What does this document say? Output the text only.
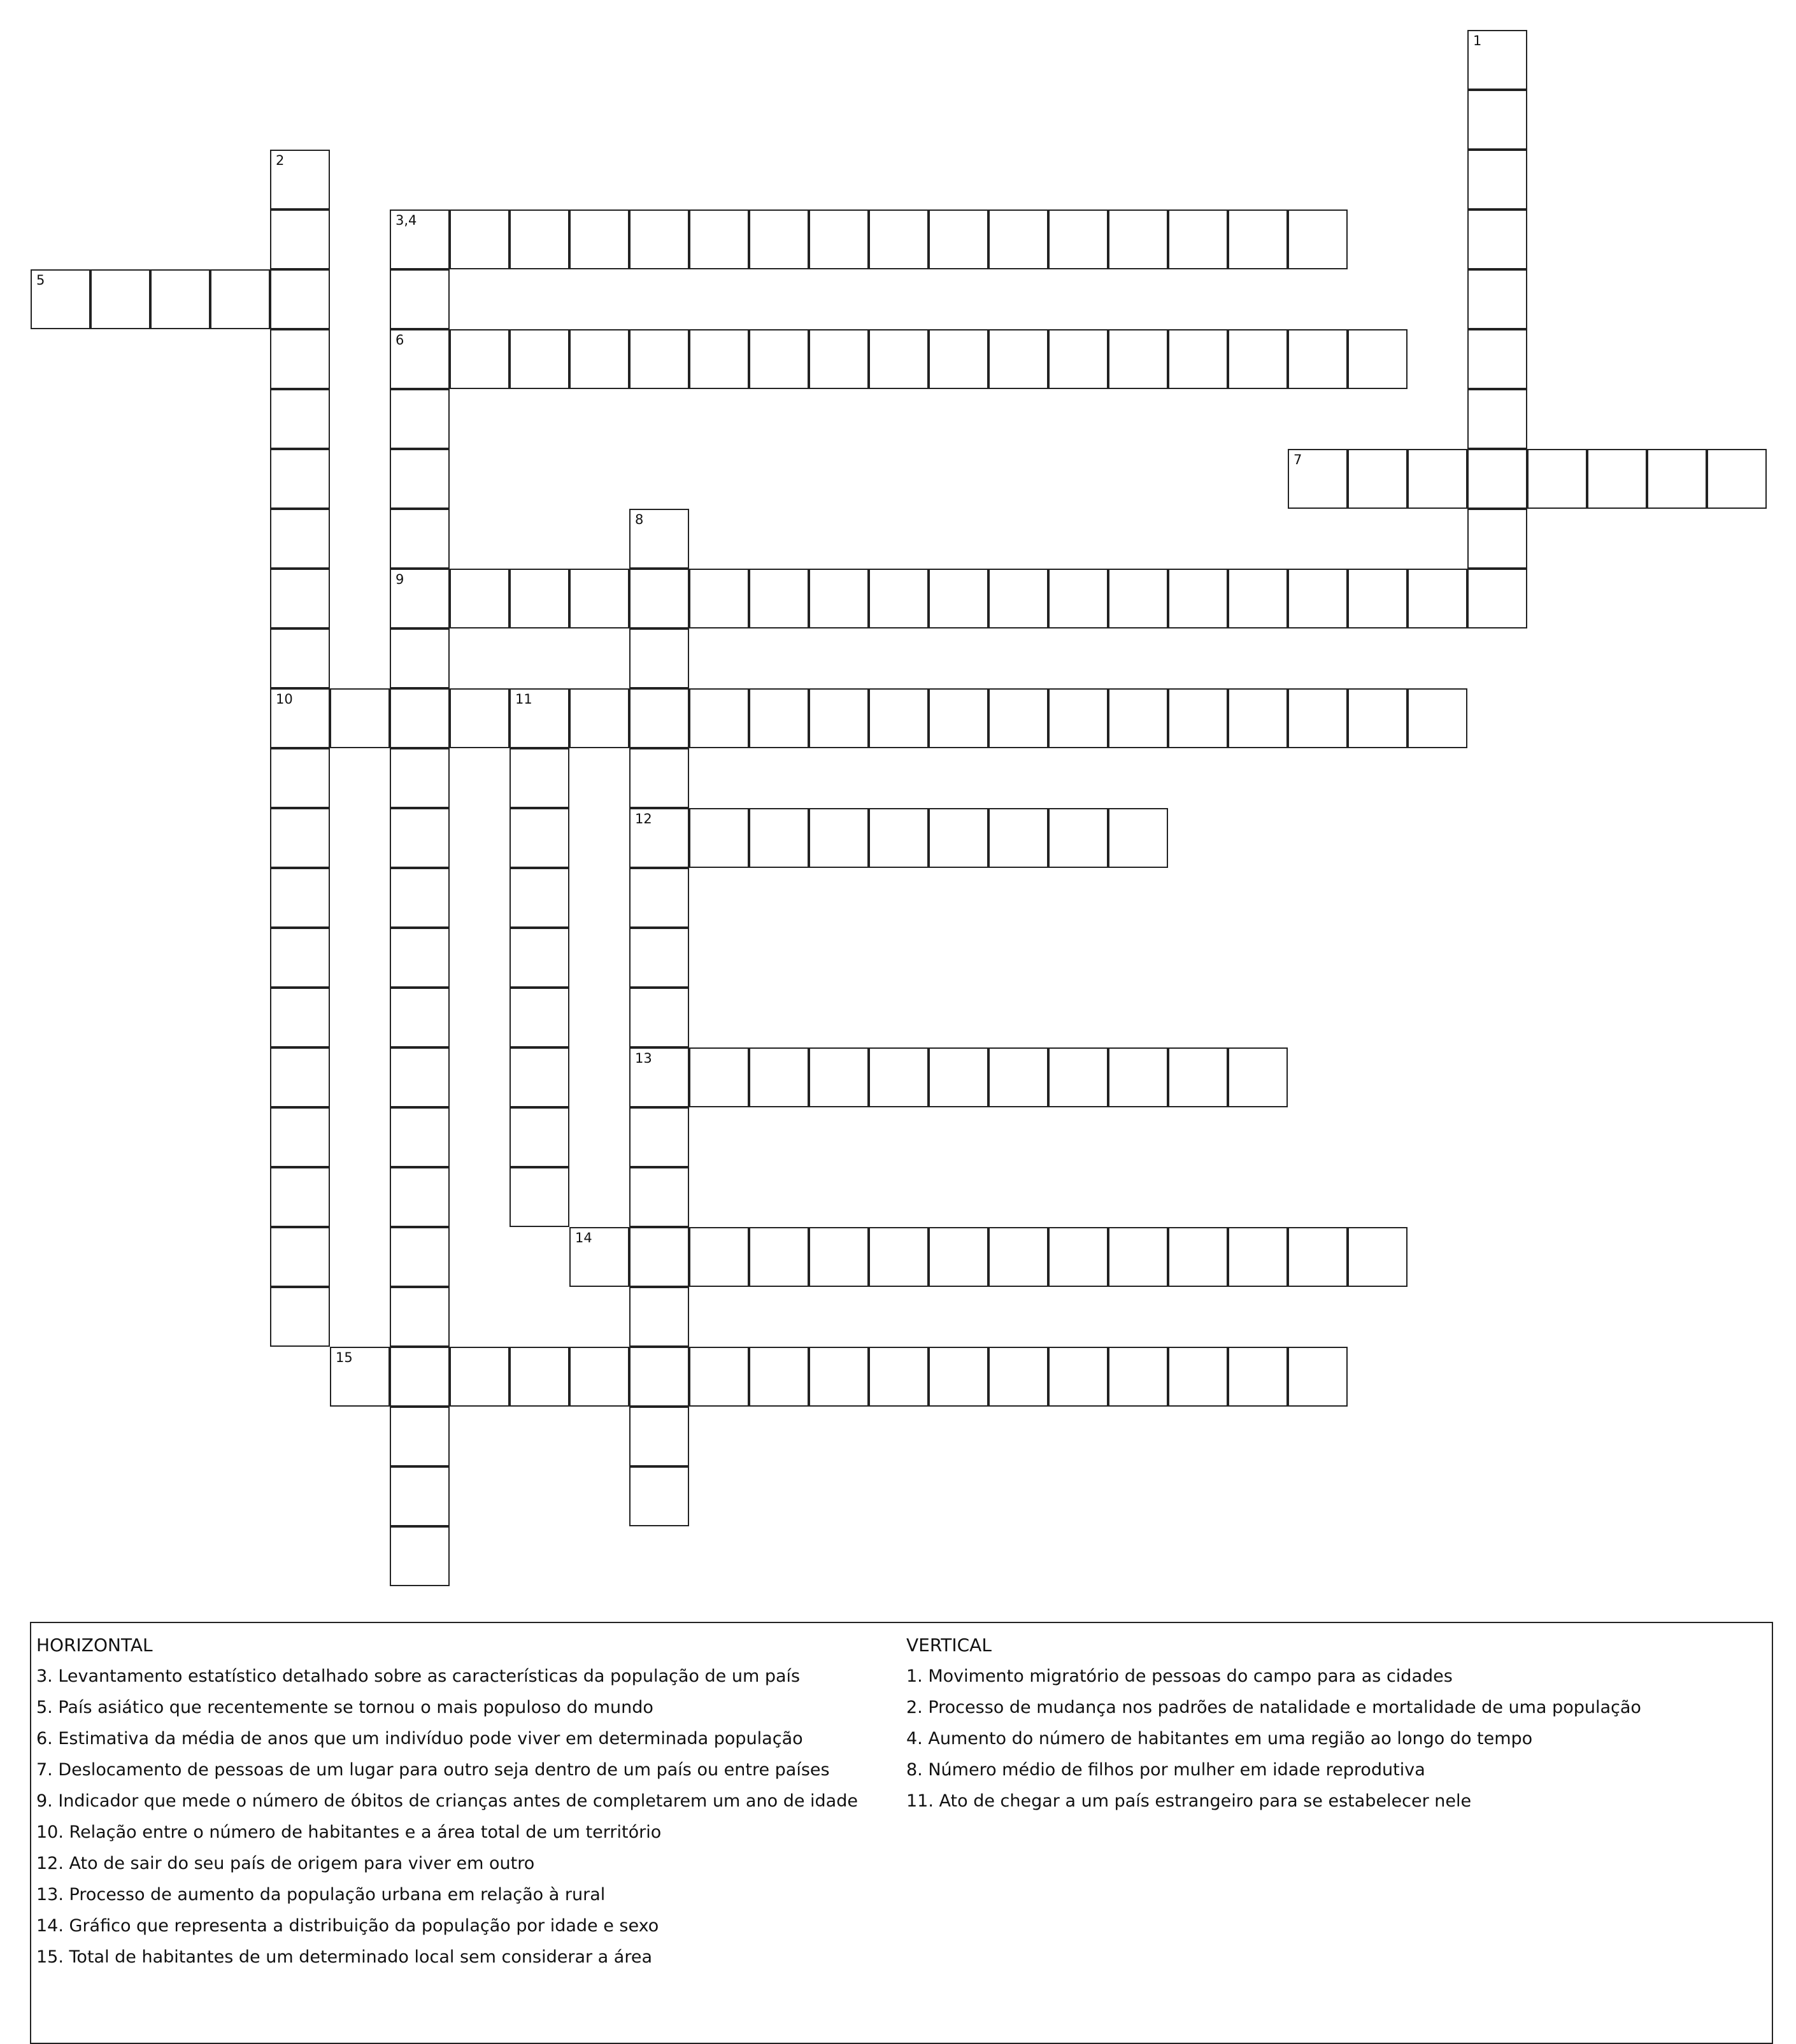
1
2
10
3,4
6
9
5
7
8
12
13
11
14
15
HORIZONTAL
3. Levantamento estatístico detalhado sobre as características da população de um país
5. País asiático que recentemente se tornou o mais populoso do mundo
6. Estimativa da média de anos que um indivíduo pode viver em determinada população
7. Deslocamento de pessoas de um lugar para outro seja dentro de um país ou entre países
9. Indicador que mede o número de óbitos de crianças antes de completarem um ano de idade
10. Relação entre o número de habitantes e a área total de um território
12. Ato de sair do seu país de origem para viver em outro
13. Processo de aumento da população urbana em relação à rural
14. Gráfico que representa a distribuição da população por idade e sexo
15. Total de habitantes de um determinado local sem considerar a área
VERTICAL
1. Movimento migratório de pessoas do campo para as cidades
2. Processo de mudança nos padrões de natalidade e mortalidade de uma população
4. Aumento do número de habitantes em uma região ao longo do tempo
8. Número médio de filhos por mulher em idade reprodutiva
11. Ato de chegar a um país estrangeiro para se estabelecer nele
